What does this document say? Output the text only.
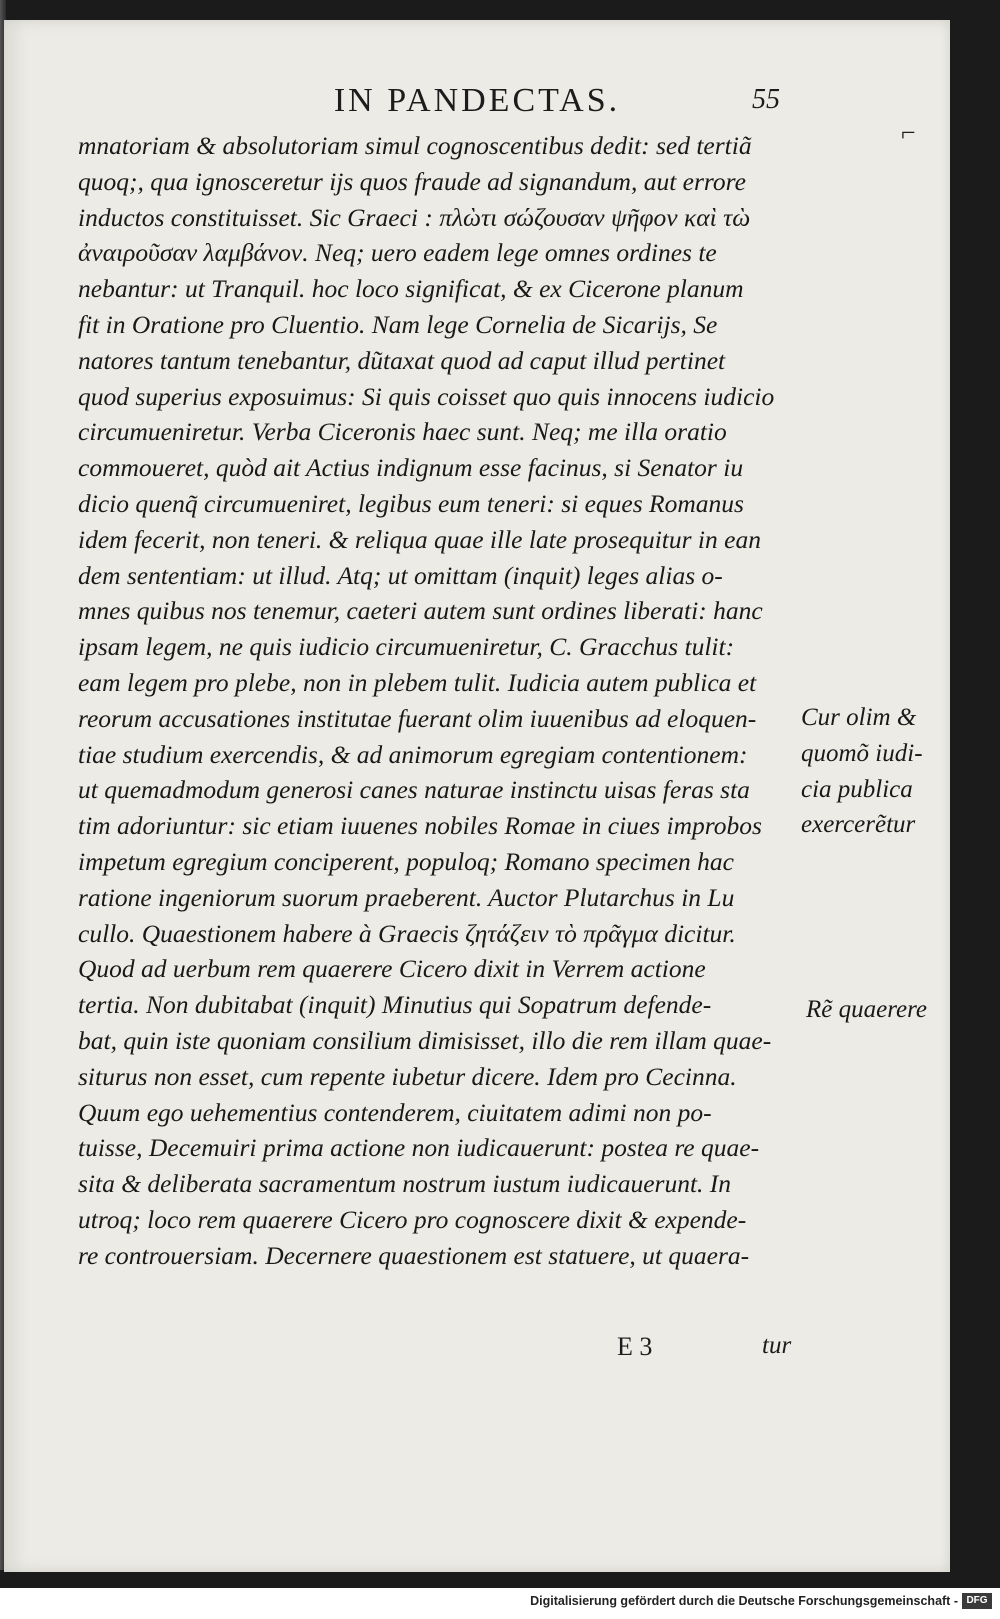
IN PANDECTAS.	55
⌐
mnatoriam & absolutoriam simul cognoscentibus dedit: sed tertiã
quoq;, qua ignosceretur ijs quos fraude ad signandum, aut errore
inductos constituisset. Sic Graeci : πλὼτι σώζουσαν ψῆφον καὶ τὼ
ἀναιροῦσαν λαμβάνον. Neq; uero eadem lege omnes ordines te
nebantur: ut Tranquil. hoc loco significat, & ex Cicerone planum
fit in Oratione pro Cluentio. Nam lege Cornelia de Sicarijs, Se
natores tantum tenebantur, dũtaxat quod ad caput illud pertinet
quod superius exposuimus: Si quis coisset quo quis innocens iudicio
circumueniretur. Verba Ciceronis haec sunt. Neq; me illa oratio
commoueret, quòd ait Actius indignum esse facinus, si Senator iu
dicio quenq̃ circumueniret, legibus eum teneri: si eques Romanus
idem fecerit, non teneri. & reliqua quae ille late prosequitur in ean
dem sententiam: ut illud. Atq; ut omittam (inquit) leges alias o-
mnes quibus nos tenemur, caeteri autem sunt ordines liberati: hanc
ipsam legem, ne quis iudicio circumueniretur, C. Gracchus tulit:
eam legem pro plebe, non in plebem tulit. Iudicia autem publica et
reorum accusationes institutae fuerant olim iuuenibus ad eloquen-
tiae studium exercendis, & ad animorum egregiam contentionem:
ut quemadmodum generosi canes naturae instinctu uisas feras sta
tim adoriuntur: sic etiam iuuenes nobiles Romae in ciues improbos
impetum egregium conciperent, populoq; Romano specimen hac
ratione ingeniorum suorum praeberent. Auctor Plutarchus in Lu
cullo. Quaestionem habere à Graecis ζητάζειν τὸ πρᾶγμα dicitur.
Quod ad uerbum rem quaerere Cicero dixit in Verrem actione
tertia. Non dubitabat (inquit) Minutius qui Sopatrum defende-
bat, quin iste quoniam consilium dimisisset, illo die rem illam quae-
siturus non esset, cum repente iubetur dicere. Idem pro Cecinna.
Quum ego uehementius contenderem, ciuitatem adimi non po-
tuisse, Decemuiri prima actione non iudicauerunt: postea re quae-
sita & deliberata sacramentum nostrum iustum iudicauerunt. In
utroq; loco rem quaerere Cicero pro cognoscere dixit & expende-
re controuersiam. Decernere quaestionem est statuere, ut quaera-
Cur olim &
quomõ iudi-
cia publica
exercerẽtur
Rẽ quaerere
E 3	tur
Digitalisierung gefördert durch die Deutsche Forschungsgemeinschaft - DFG
